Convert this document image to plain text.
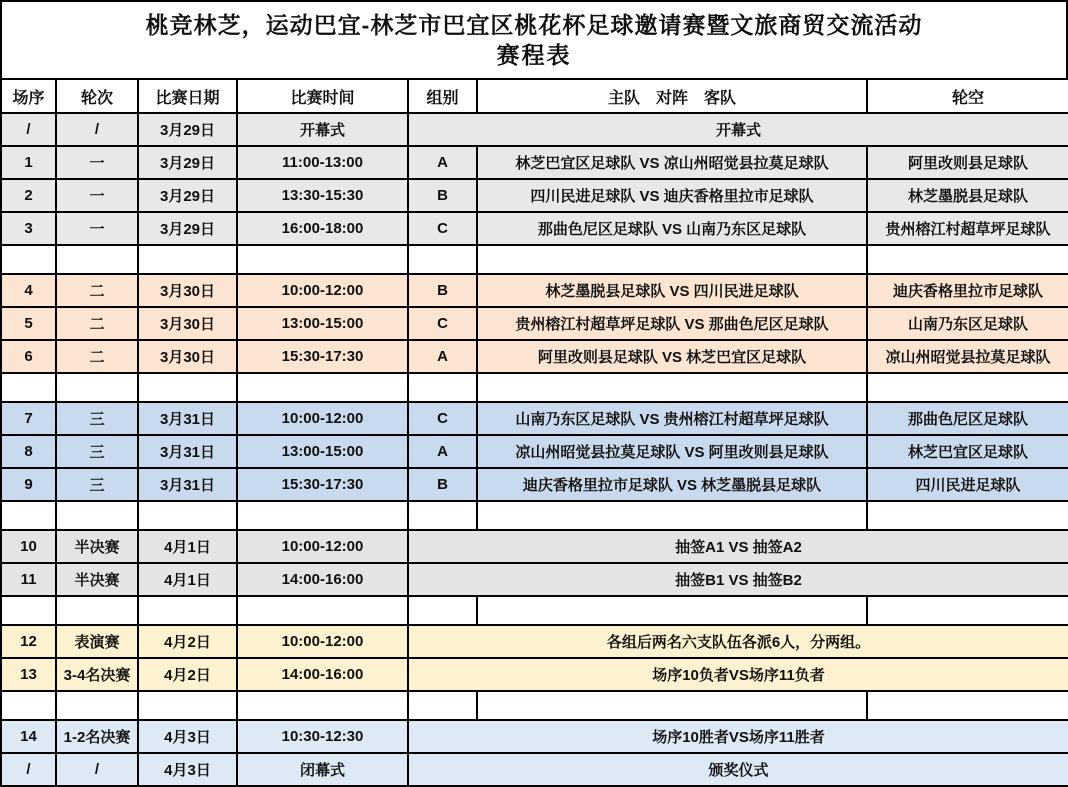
桃竞林芝，运动巴宜-林芝市巴宜区桃花杯足球邀请赛暨文旅商贸交流活动
赛程表
场序	轮次	比赛日期	比赛时间	组别	主队　对阵　客队	轮空
/	/	3月29日	开幕式	开幕式		
1	一	3月29日	11:00-13:00	A	林芝巴宜区足球队 VS 凉山州昭觉县拉莫足球队	阿里改则县足球队
2	一	3月29日	13:30-15:30	B	四川民进足球队 VS 迪庆香格里拉市足球队	林芝墨脱县足球队
3	一	3月29日	16:00-18:00	C	那曲色尼区足球队 VS 山南乃东区足球队	贵州榕江村超草坪足球队

4	二	3月30日	10:00-12:00	B	林芝墨脱县足球队 VS 四川民进足球队	迪庆香格里拉市足球队
5	二	3月30日	13:00-15:00	C	贵州榕江村超草坪足球队 VS 那曲色尼区足球队	山南乃东区足球队
6	二	3月30日	15:30-17:30	A	阿里改则县足球队 VS 林芝巴宜区足球队	凉山州昭觉县拉莫足球队

7	三	3月31日	10:00-12:00	C	山南乃东区足球队 VS 贵州榕江村超草坪足球队	那曲色尼区足球队
8	三	3月31日	13:00-15:00	A	凉山州昭觉县拉莫足球队 VS 阿里改则县足球队	林芝巴宜区足球队
9	三	3月31日	15:30-17:30	B	迪庆香格里拉市足球队 VS 林芝墨脱县足球队	四川民进足球队

10	半决赛	4月1日	10:00-12:00	抽签A1 VS 抽签A2		
11	半决赛	4月1日	14:00-16:00	抽签B1 VS 抽签B2		

12	表演赛	4月2日	10:00-12:00	各组后两名六支队伍各派6人，分两组。		
13	3-4名决赛	4月2日	14:00-16:00	场序10负者VS场序11负者		

14	1-2名决赛	4月3日	10:30-12:30	场序10胜者VS场序11胜者		
/	/	4月3日	闭幕式	颁奖仪式		
